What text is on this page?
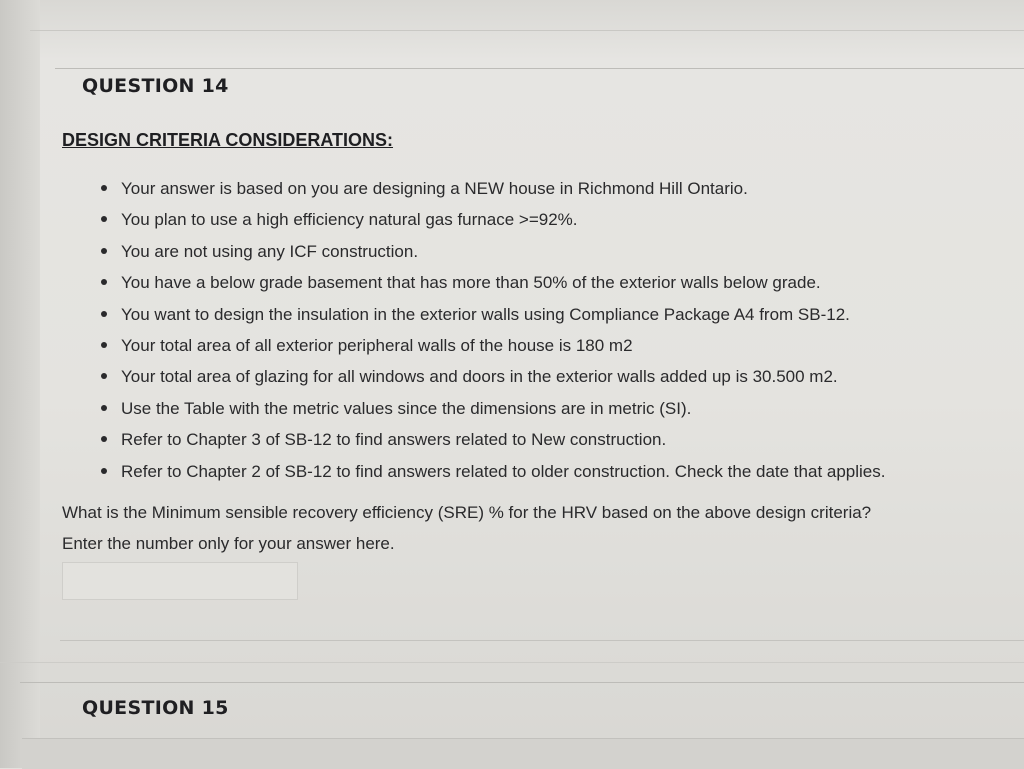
QUESTION 14
DESIGN CRITERIA CONSIDERATIONS:
Your answer is based on you are designing a NEW house in Richmond Hill Ontario.
You plan to use a high efficiency natural gas furnace >=92%.
You are not using any ICF construction.
You have a below grade basement that has more than 50% of the exterior walls below grade.
You want to design the insulation in the exterior walls using Compliance Package A4 from SB-12.
Your total area of all exterior peripheral walls of the house is 180 m2
Your total area of glazing for all windows and doors in the exterior walls added up is 30.500 m2.
Use the Table with the metric values since the dimensions are in metric (SI).
Refer to Chapter 3 of SB-12 to find answers related to New construction.
Refer to Chapter 2 of SB-12 to find answers related to older construction. Check the date that applies.
What is the Minimum sensible recovery efficiency (SRE) % for the HRV based on the above design criteria?
Enter the number only for your answer here.
QUESTION 15
